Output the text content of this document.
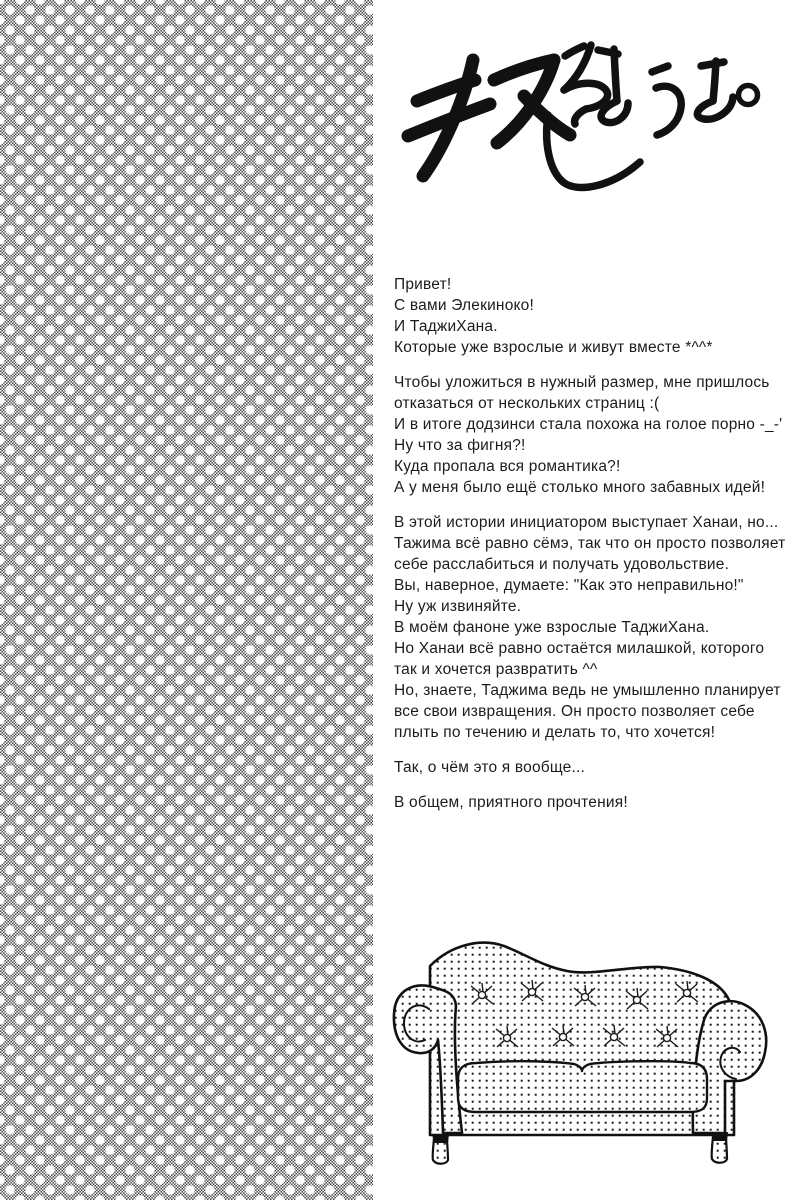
Привет!
С вами Элекиноко!
И ТаджиХана.
Которые уже взрослые и живут вместе *^^*

Чтобы уложиться в нужный размер, мне пришлось
отказаться от нескольких страниц :(
И в итоге додзинси стала похожа на голое порно -_-'
Ну что за фигня?!
Куда пропала вся романтика?!
А у меня было ещё столько много забавных идей!

В этой истории инициатором выступает Ханаи, но...
Тажима всё равно сёмэ, так что он просто позволяет
себе расслабиться и получать удовольствие.
Вы, наверное, думаете: "Как это неправильно!"
Ну уж извиняйте.
В моём фаноне уже взрослые ТаджиХана.
Но Ханаи всё равно остаётся милашкой, которого
так и хочется развратить ^^
Но, знаете, Таджима ведь не умышленно планирует
все свои извращения. Он просто позволяет себе
плыть по течению и делать то, что хочется!

Так, о чём это я вообще...

В общем, приятного прочтения!
